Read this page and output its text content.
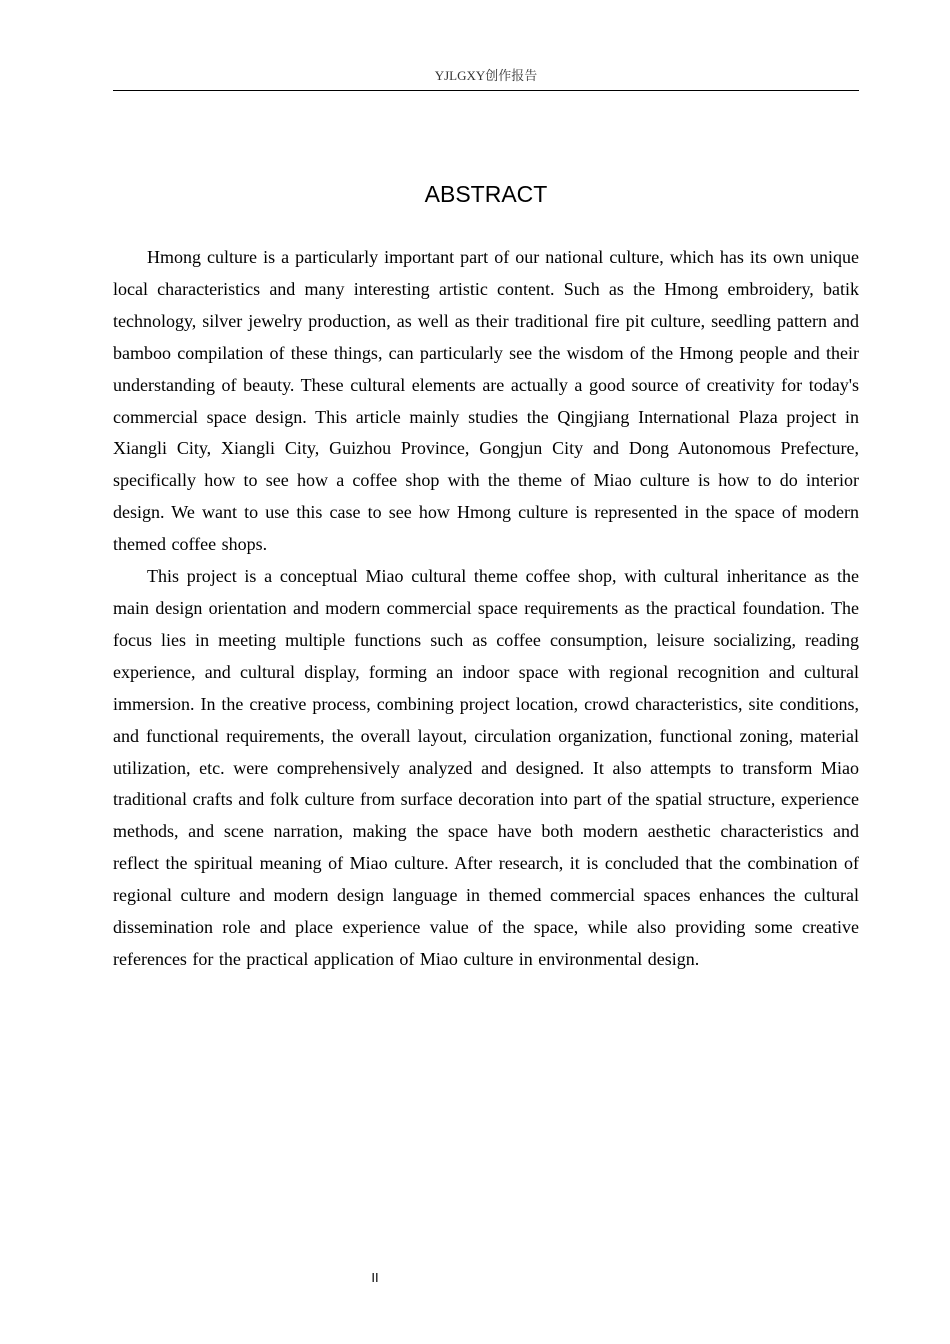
YJLGXY创作报告
ABSTRACT

Hmong culture is a particularly important part of our national culture, which has its own unique local characteristics and many interesting artistic content. Such as the Hmong embroidery, batik technology, silver jewelry production, as well as their traditional fire pit culture, seedling pattern and bamboo compilation of these things, can particularly see the wisdom of the Hmong people and their understanding of beauty. These cultural elements are actually a good source of creativity for today's commercial space design. This article mainly studies the Qingjiang International Plaza project in Xiangli City, Xiangli City, Guizhou Province, Gongjun City and Dong Autonomous Prefecture, specifically how to see how a coffee shop with the theme of Miao culture is how to do interior design. We want to use this case to see how Hmong culture is represented in the space of modern themed coffee shops.

This project is a conceptual Miao cultural theme coffee shop, with cultural inheritance as the main design orientation and modern commercial space requirements as the practical foundation. The focus lies in meeting multiple functions such as coffee consumption, leisure socializing, reading experience, and cultural display, forming an indoor space with regional recognition and cultural immersion. In the creative process, combining project location, crowd characteristics, site conditions, and functional requirements, the overall layout, circulation organization, functional zoning, material utilization, etc. were comprehensively analyzed and designed. It also attempts to transform Miao traditional crafts and folk culture from surface decoration into part of the spatial structure, experience methods, and scene narration, making the space have both modern aesthetic characteristics and reflect the spiritual meaning of Miao culture. After research, it is concluded that the combination of regional culture and modern design language in themed commercial spaces enhances the cultural dissemination role and place experience value of the space, while also providing some creative references for the practical application of Miao culture in environmental design.

II
